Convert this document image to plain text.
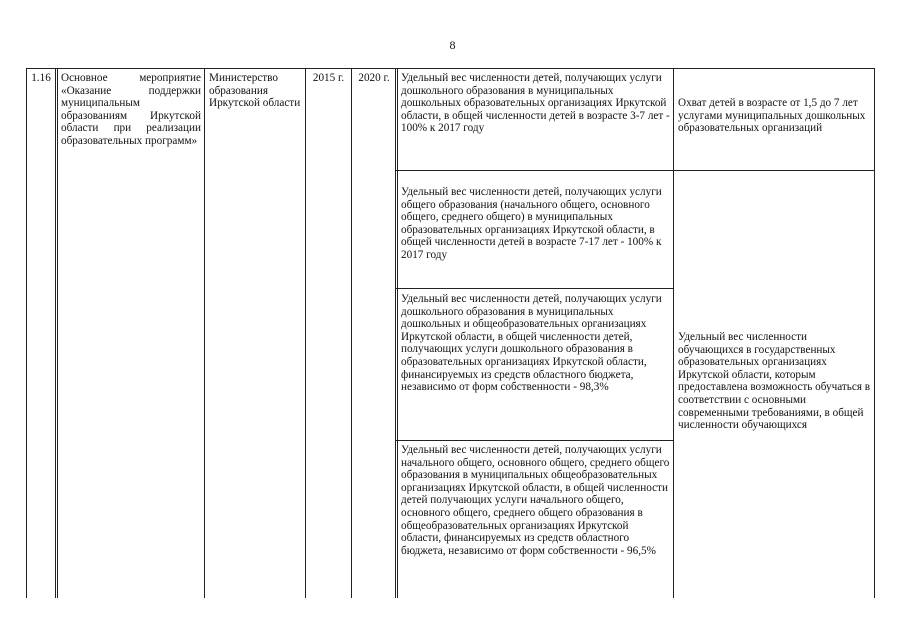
8
1.16 Основное мероприятие «Оказание поддержки муниципальным образованиям Иркутской области при реализации образовательных программ»
Министерство образования Иркутской области
2015 г.	2020 г.	Удельный вес численности детей, получающих услуги дошкольного образования в муниципальных дошкольных образовательных организациях Иркутской области, в общей численности детей в возрасте 3-7 лет - 100% к 2017 году
Удельный вес численности детей, получающих услуги общего образования (начального общего, основного общего, среднего общего) в муниципальных образовательных организациях Иркутской области, в общей численности детей в возрасте 7-17 лет - 100% к 2017 году
Удельный вес численности детей, получающих услуги дошкольного образования в муниципальных дошкольных и общеобразовательных организациях Иркутской области, в общей численности детей, получающих услуги дошкольного образования в образовательных организациях Иркутской области, финансируемых из средств областного бюджета, независимо от форм собственности - 98,3%
Удельный вес численности детей, получающих услуги начального общего, основного общего, среднего общего образования в муниципальных общеобразовательных организациях Иркутской области, в общей численности детей получающих услуги начального общего, основного общего, среднего общего образования в общеобразовательных организациях Иркутской области, финансируемых из средств областного бюджета, независимо от форм собственности - 96,5%
Охват детей в возрасте от 1,5 до 7 лет услугами муниципальных дошкольных образовательных организаций
Удельный вес численности обучающихся в государственных образовательных организациях Иркутской области, которым предоставлена возможность обучаться в соответствии с основными современными требованиями, в общей численности обучающихся
